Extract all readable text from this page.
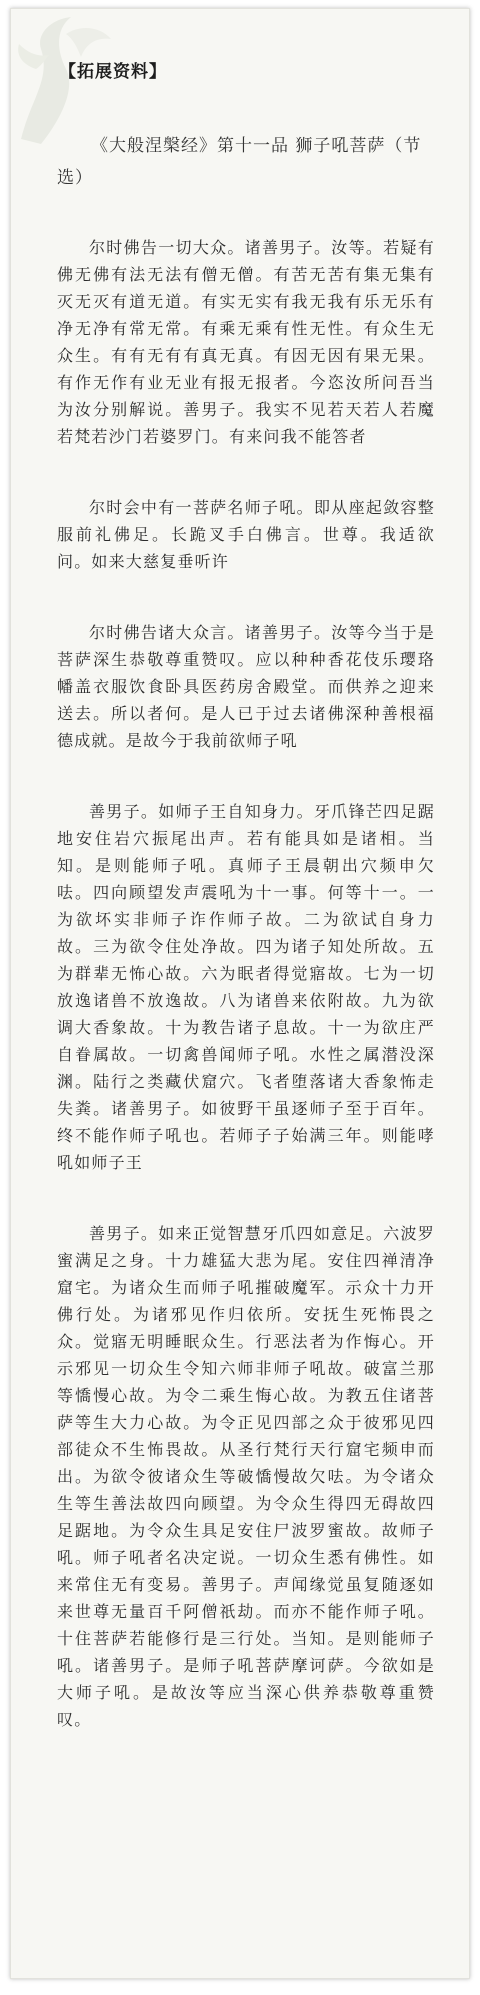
【拓展资料】
《大般涅槃经》第十一品 狮子吼菩萨（节选）

尔时佛告一切大众。诸善男子。汝等。若疑有佛无佛有法无法有僧无僧。有苦无苦有集无集有灭无灭有道无道。有实无实有我无我有乐无乐有净无净有常无常。有乘无乘有性无性。有众生无众生。有有无有有真无真。有因无因有果无果。有作无作有业无业有报无报者。今恣汝所问吾当为汝分别解说。善男子。我实不见若天若人若魔若梵若沙门若婆罗门。有来问我不能答者

尔时会中有一菩萨名师子吼。即从座起敛容整服前礼佛足。长跪叉手白佛言。世尊。我适欲问。如来大慈复垂听许

尔时佛告诸大众言。诸善男子。汝等今当于是菩萨深生恭敬尊重赞叹。应以种种香花伎乐璎珞幡盖衣服饮食卧具医药房舍殿堂。而供养之迎来送去。所以者何。是人已于过去诸佛深种善根福德成就。是故今于我前欲师子吼

善男子。如师子王自知身力。牙爪锋芒四足踞地安住岩穴振尾出声。若有能具如是诸相。当知。是则能师子吼。真师子王晨朝出穴频申欠呿。四向顾望发声震吼为十一事。何等十一。一为欲坏实非师子诈作师子故。二为欲试自身力故。三为欲令住处净故。四为诸子知处所故。五为群辈无怖心故。六为眠者得觉寤故。七为一切放逸诸兽不放逸故。八为诸兽来依附故。九为欲调大香象故。十为教告诸子息故。十一为欲庄严自眷属故。一切禽兽闻师子吼。水性之属潜没深渊。陆行之类藏伏窟穴。飞者堕落诸大香象怖走失粪。诸善男子。如彼野干虽逐师子至于百年。终不能作师子吼也。若师子子始满三年。则能哮吼如师子王

善男子。如来正觉智慧牙爪四如意足。六波罗蜜满足之身。十力雄猛大悲为尾。安住四禅清净窟宅。为诸众生而师子吼摧破魔军。示众十力开佛行处。为诸邪见作归依所。安抚生死怖畏之众。觉寤无明睡眠众生。行恶法者为作悔心。开示邪见一切众生令知六师非师子吼故。破富兰那等憍慢心故。为令二乘生悔心故。为教五住诸菩萨等生大力心故。为令正见四部之众于彼邪见四部徒众不生怖畏故。从圣行梵行天行窟宅频申而出。为欲令彼诸众生等破憍慢故欠呿。为令诸众生等生善法故四向顾望。为令众生得四无碍故四足踞地。为令众生具足安住尸波罗蜜故。故师子吼。师子吼者名决定说。一切众生悉有佛性。如来常住无有变易。善男子。声闻缘觉虽复随逐如来世尊无量百千阿僧祇劫。而亦不能作师子吼。十住菩萨若能修行是三行处。当知。是则能师子吼。诸善男子。是师子吼菩萨摩诃萨。今欲如是大师子吼。是故汝等应当深心供养恭敬尊重赞叹。
